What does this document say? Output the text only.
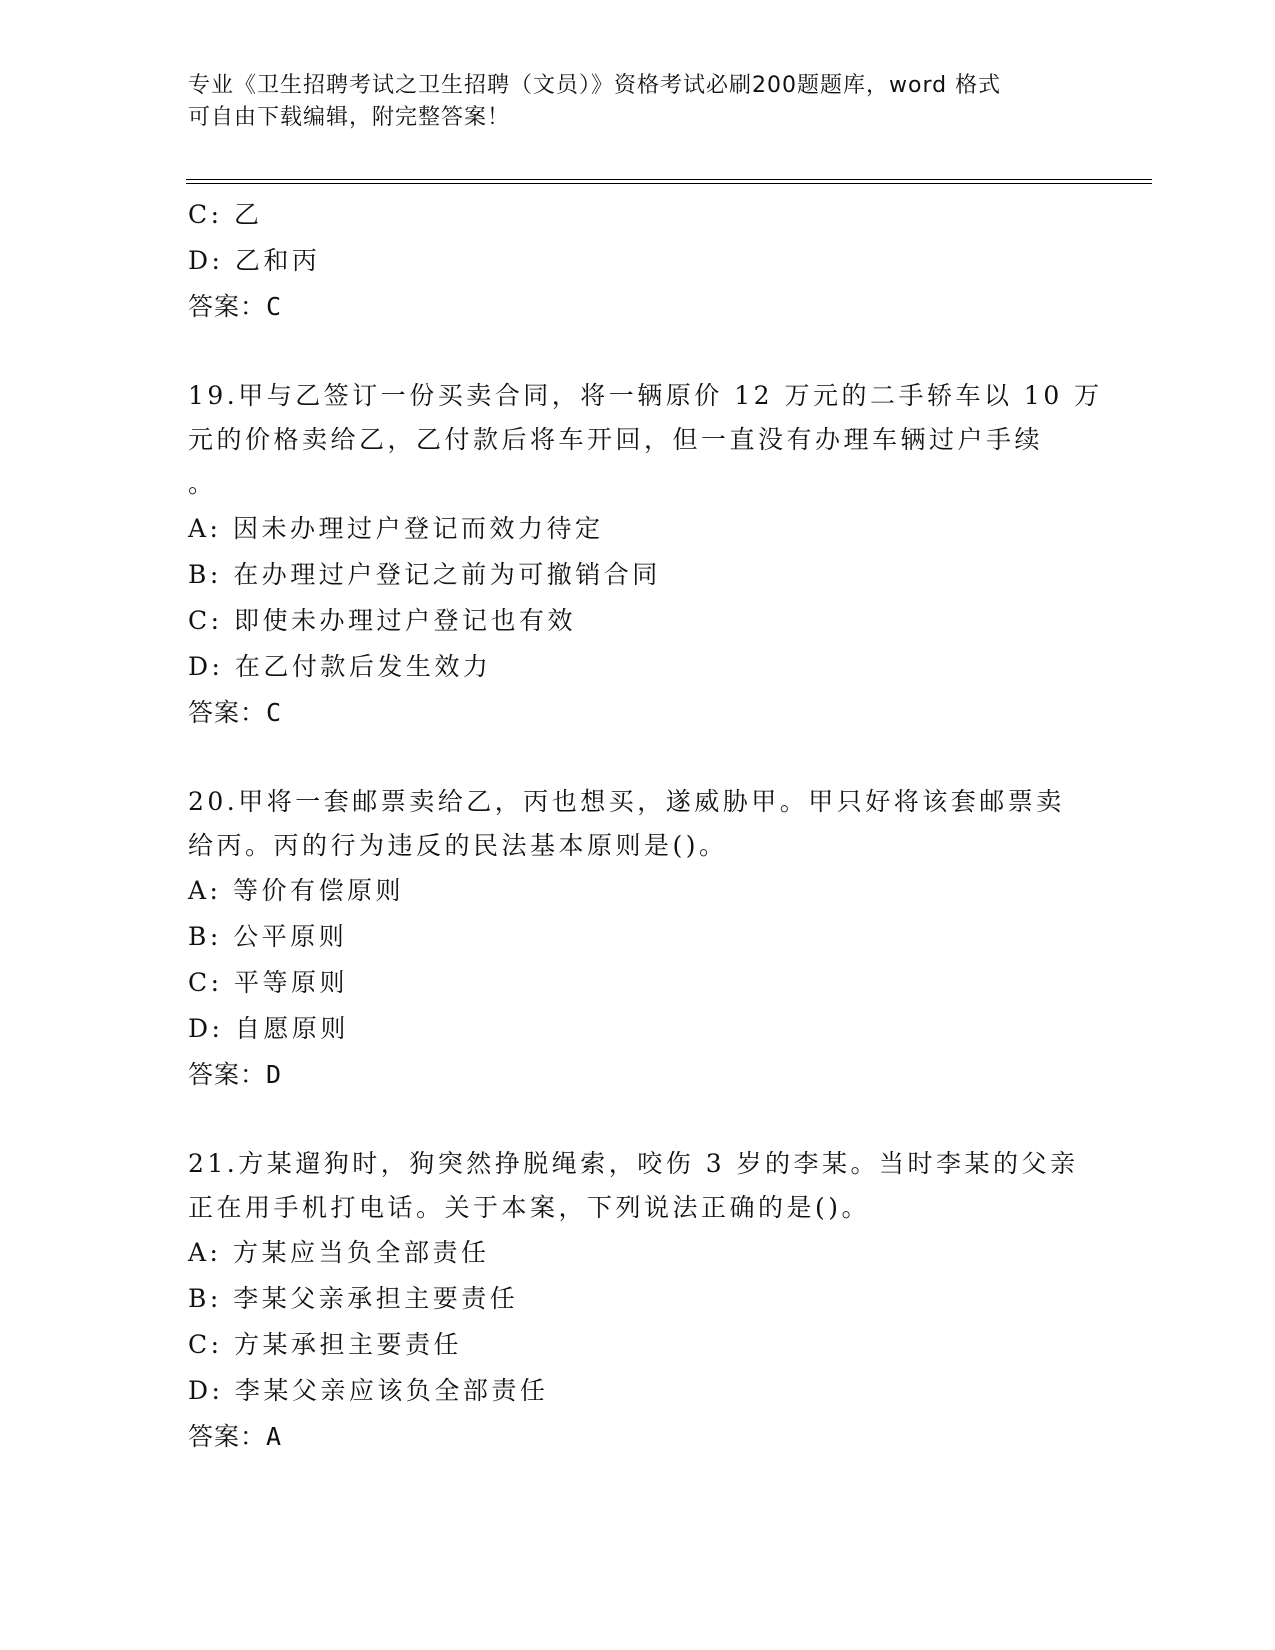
专业《卫生招聘考试之卫生招聘（文员）》资格考试必刷200题题库，word 格式
可自由下载编辑，附完整答案！
C: 乙
D: 乙和丙
答案：C
19.甲与乙签订一份买卖合同，将一辆原价 12 万元的二手轿车以 10 万
元的价格卖给乙，乙付款后将车开回，但一直没有办理车辆过户手续
。
A: 因未办理过户登记而效力待定
B: 在办理过户登记之前为可撤销合同
C: 即使未办理过户登记也有效
D: 在乙付款后发生效力
答案：C
20.甲将一套邮票卖给乙，丙也想买，遂威胁甲。甲只好将该套邮票卖
给丙。丙的行为违反的民法基本原则是()。
A: 等价有偿原则
B: 公平原则
C: 平等原则
D: 自愿原则
答案：D
21.方某遛狗时，狗突然挣脱绳索，咬伤 3 岁的李某。当时李某的父亲
正在用手机打电话。关于本案，下列说法正确的是()。
A: 方某应当负全部责任
B: 李某父亲承担主要责任
C: 方某承担主要责任
D: 李某父亲应该负全部责任
答案：A
